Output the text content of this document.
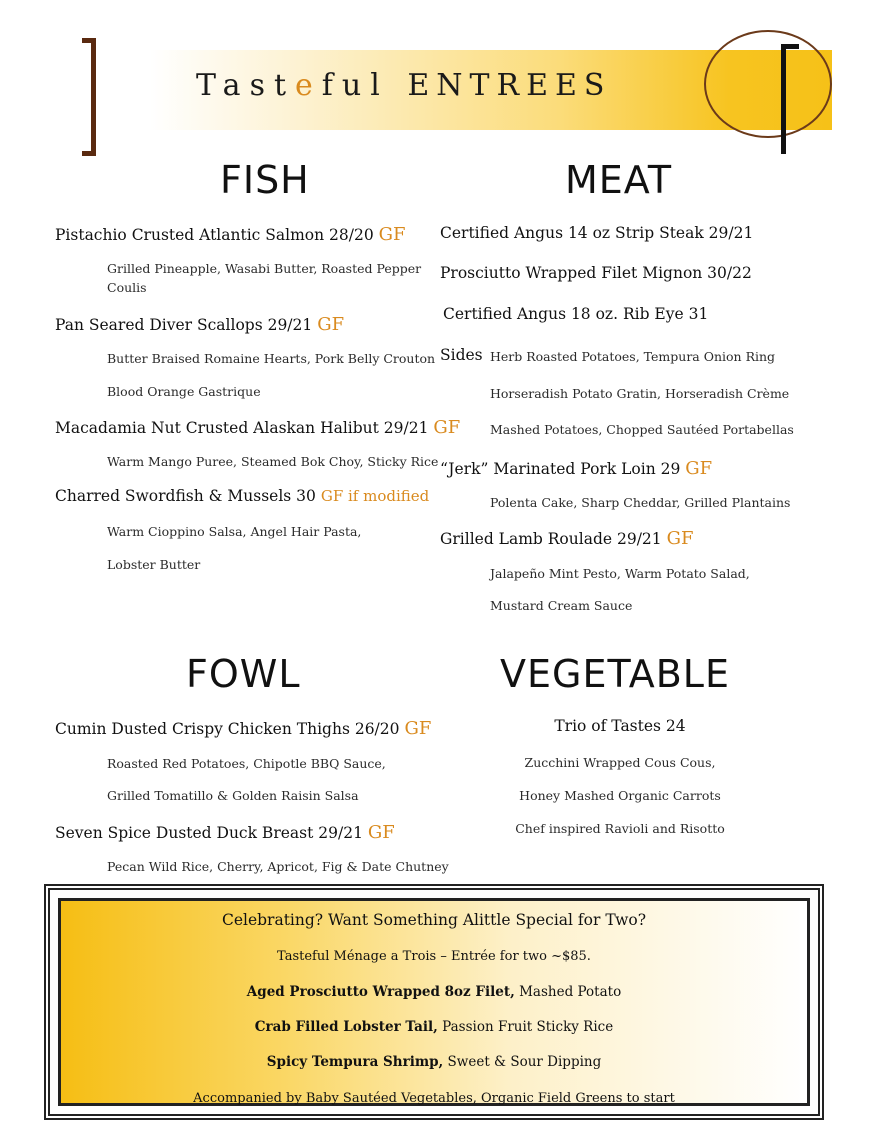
Tasteful ENTREES
FISH
Pistachio Crusted Atlantic Salmon 28/20 GF
Grilled Pineapple, Wasabi Butter, Roasted Pepper
Coulis
Pan Seared Diver Scallops 29/21 GF
Butter Braised Romaine Hearts, Pork Belly Crouton
Blood Orange Gastrique
Macadamia Nut Crusted Alaskan Halibut 29/21 GF
Warm Mango Puree, Steamed Bok Choy, Sticky Rice
Charred Swordfish & Mussels 30 GF if modified
Warm Cioppino Salsa, Angel Hair Pasta,
Lobster Butter
MEAT
Certified Angus 14 oz Strip Steak 29/21
Prosciutto Wrapped Filet Mignon 30/22
Certified Angus 18 oz. Rib Eye 31
Sides Herb Roasted Potatoes, Tempura Onion Ring
Horseradish Potato Gratin, Horseradish Crème
Mashed Potatoes, Chopped Sautéed Portabellas
“Jerk” Marinated Pork Loin 29 GF
Polenta Cake, Sharp Cheddar, Grilled Plantains
Grilled Lamb Roulade 29/21 GF
Jalapeño Mint Pesto, Warm Potato Salad,
Mustard Cream Sauce
FOWL
Cumin Dusted Crispy Chicken Thighs 26/20 GF
Roasted Red Potatoes, Chipotle BBQ Sauce,
Grilled Tomatillo & Golden Raisin Salsa
Seven Spice Dusted Duck Breast 29/21 GF
Pecan Wild Rice, Cherry, Apricot, Fig & Date Chutney
VEGETABLE
Trio of Tastes 24
Zucchini Wrapped Cous Cous,
Honey Mashed Organic Carrots
Chef inspired Ravioli and Risotto
Celebrating? Want Something Alittle Special for Two?
Tasteful Ménage a Trois – Entrée for two ~$85.
Aged Prosciutto Wrapped 8oz Filet, Mashed Potato
Crab Filled Lobster Tail, Passion Fruit Sticky Rice
Spicy Tempura Shrimp, Sweet & Sour Dipping
Accompanied by Baby Sautéed Vegetables, Organic Field Greens to start
